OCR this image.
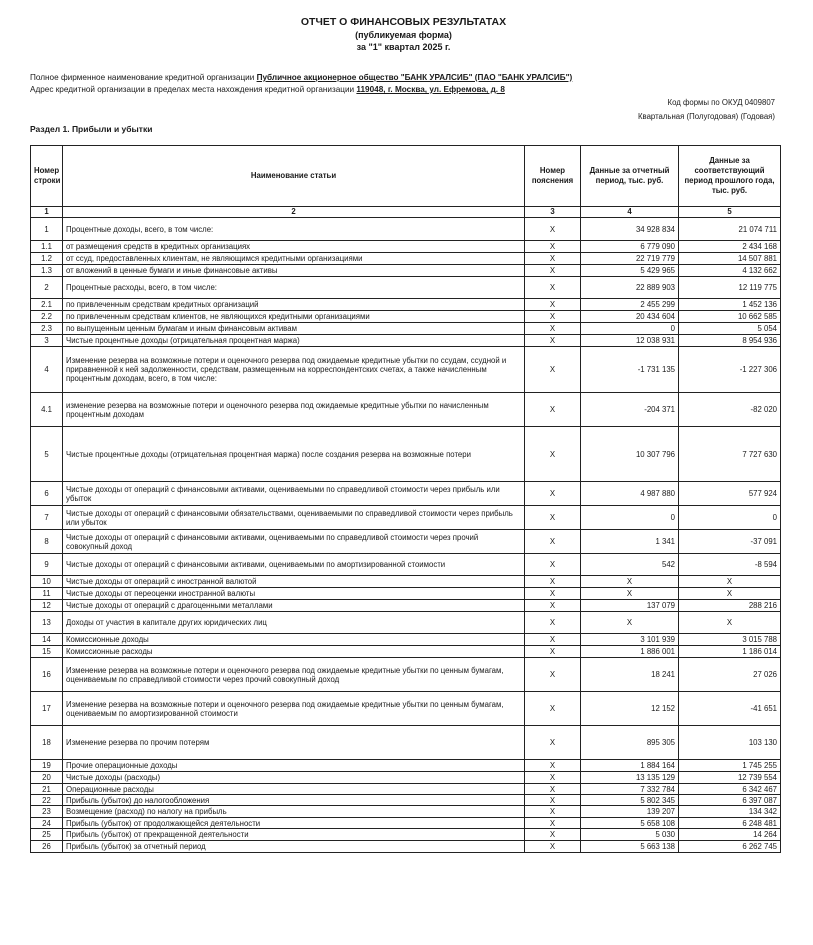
ОТЧЕТ О ФИНАНСОВЫХ РЕЗУЛЬТАТАХ
(публикуемая форма)
за "1" квартал 2025 г.
Полное фирменное наименование кредитной организации Публичное акционерное общество "БАНК УРАЛСИБ" (ПАО "БАНК УРАЛСИБ")
Адрес кредитной организации в пределах места нахождения кредитной организации 119048, г. Москва, ул. Ефремова, д. 8
Код формы по ОКУД 0409807
Квартальная (Полугодовая) (Годовая)
Раздел 1. Прибыли и убытки
Номер строки	Наименование статьи	Номер пояснения	Данные за отчетный период, тыс. руб.	Данные за соответствующий период прошлого года, тыс. руб.
1	2	3	4	5
1	Процентные доходы, всего, в том числе:	X	34 928 834	21 074 711
1.1	от размещения средств в кредитных организациях	X	6 779 090	2 434 168
1.2	от ссуд, предоставленных клиентам, не являющимся кредитными организациями	X	22 719 779	14 507 881
1.3	от вложений в ценные бумаги и иные финансовые активы	X	5 429 965	4 132 662
2	Процентные расходы, всего, в том числе:	X	22 889 903	12 119 775
2.1	по привлеченным средствам кредитных организаций	X	2 455 299	1 452 136
2.2	по привлеченным средствам клиентов, не являющихся кредитными организациями	X	20 434 604	10 662 585
2.3	по выпущенным ценным бумагам и иным финансовым активам	X	0	5 054
3	Чистые процентные доходы (отрицательная процентная маржа)	X	12 038 931	8 954 936
4	Изменение резерва на возможные потери и оценочного резерва под ожидаемые кредитные убытки по ссудам, ссудной и приравненной к ней задолженности, средствам, размещенным на корреспондентских счетах, а также начисленным процентным доходам, всего, в том числе:	X	-1 731 135	-1 227 306
4.1	изменение резерва на возможные потери и оценочного резерва под ожидаемые кредитные убытки по начисленным процентным доходам	X	-204 371	-82 020
5	Чистые процентные доходы (отрицательная процентная маржа) после создания резерва на возможные потери	X	10 307 796	7 727 630
6	Чистые доходы от операций с финансовыми активами, оцениваемыми по справедливой стоимости через прибыль или убыток	X	4 987 880	577 924
7	Чистые доходы от операций с финансовыми обязательствами, оцениваемыми по справедливой стоимости через прибыль или убыток	X	0	0
8	Чистые доходы от операций с финансовыми активами, оцениваемыми по справедливой стоимости через прочий совокупный доход	X	1 341	-37 091
9	Чистые доходы от операций с финансовыми активами, оцениваемыми по амортизированной стоимости	X	542	-8 594
10	Чистые доходы от операций с иностранной валютой	X	X	X
11	Чистые доходы от переоценки иностранной валюты	X	X	X
12	Чистые доходы от операций с драгоценными металлами	X	137 079	288 216
13	Доходы от участия в капитале других юридических лиц	X	X	X
14	Комиссионные доходы	X	3 101 939	3 015 788
15	Комиссионные расходы	X	1 886 001	1 186 014
16	Изменение резерва на возможные потери и оценочного резерва под ожидаемые кредитные убытки по ценным бумагам, оцениваемым по справедливой стоимости через прочий совокупный доход	X	18 241	27 026
17	Изменение резерва на возможные потери и оценочного резерва под ожидаемые кредитные убытки по ценным бумагам, оцениваемым по амортизированной стоимости	X	12 152	-41 651
18	Изменение резерва по прочим потерям	X	895 305	103 130
19	Прочие операционные доходы	X	1 884 164	1 745 255
20	Чистые доходы (расходы)	X	13 135 129	12 739 554
21	Операционные расходы	X	7 332 784	6 342 467
22	Прибыль (убыток) до налогообложения	X	5 802 345	6 397 087
23	Возмещение (расход) по налогу на прибыль	X	139 207	134 342
24	Прибыль (убыток) от продолжающейся деятельности	X	5 658 108	6 248 481
25	Прибыль (убыток) от прекращенной деятельности	X	5 030	14 264
26	Прибыль (убыток) за отчетный период	X	5 663 138	6 262 745
